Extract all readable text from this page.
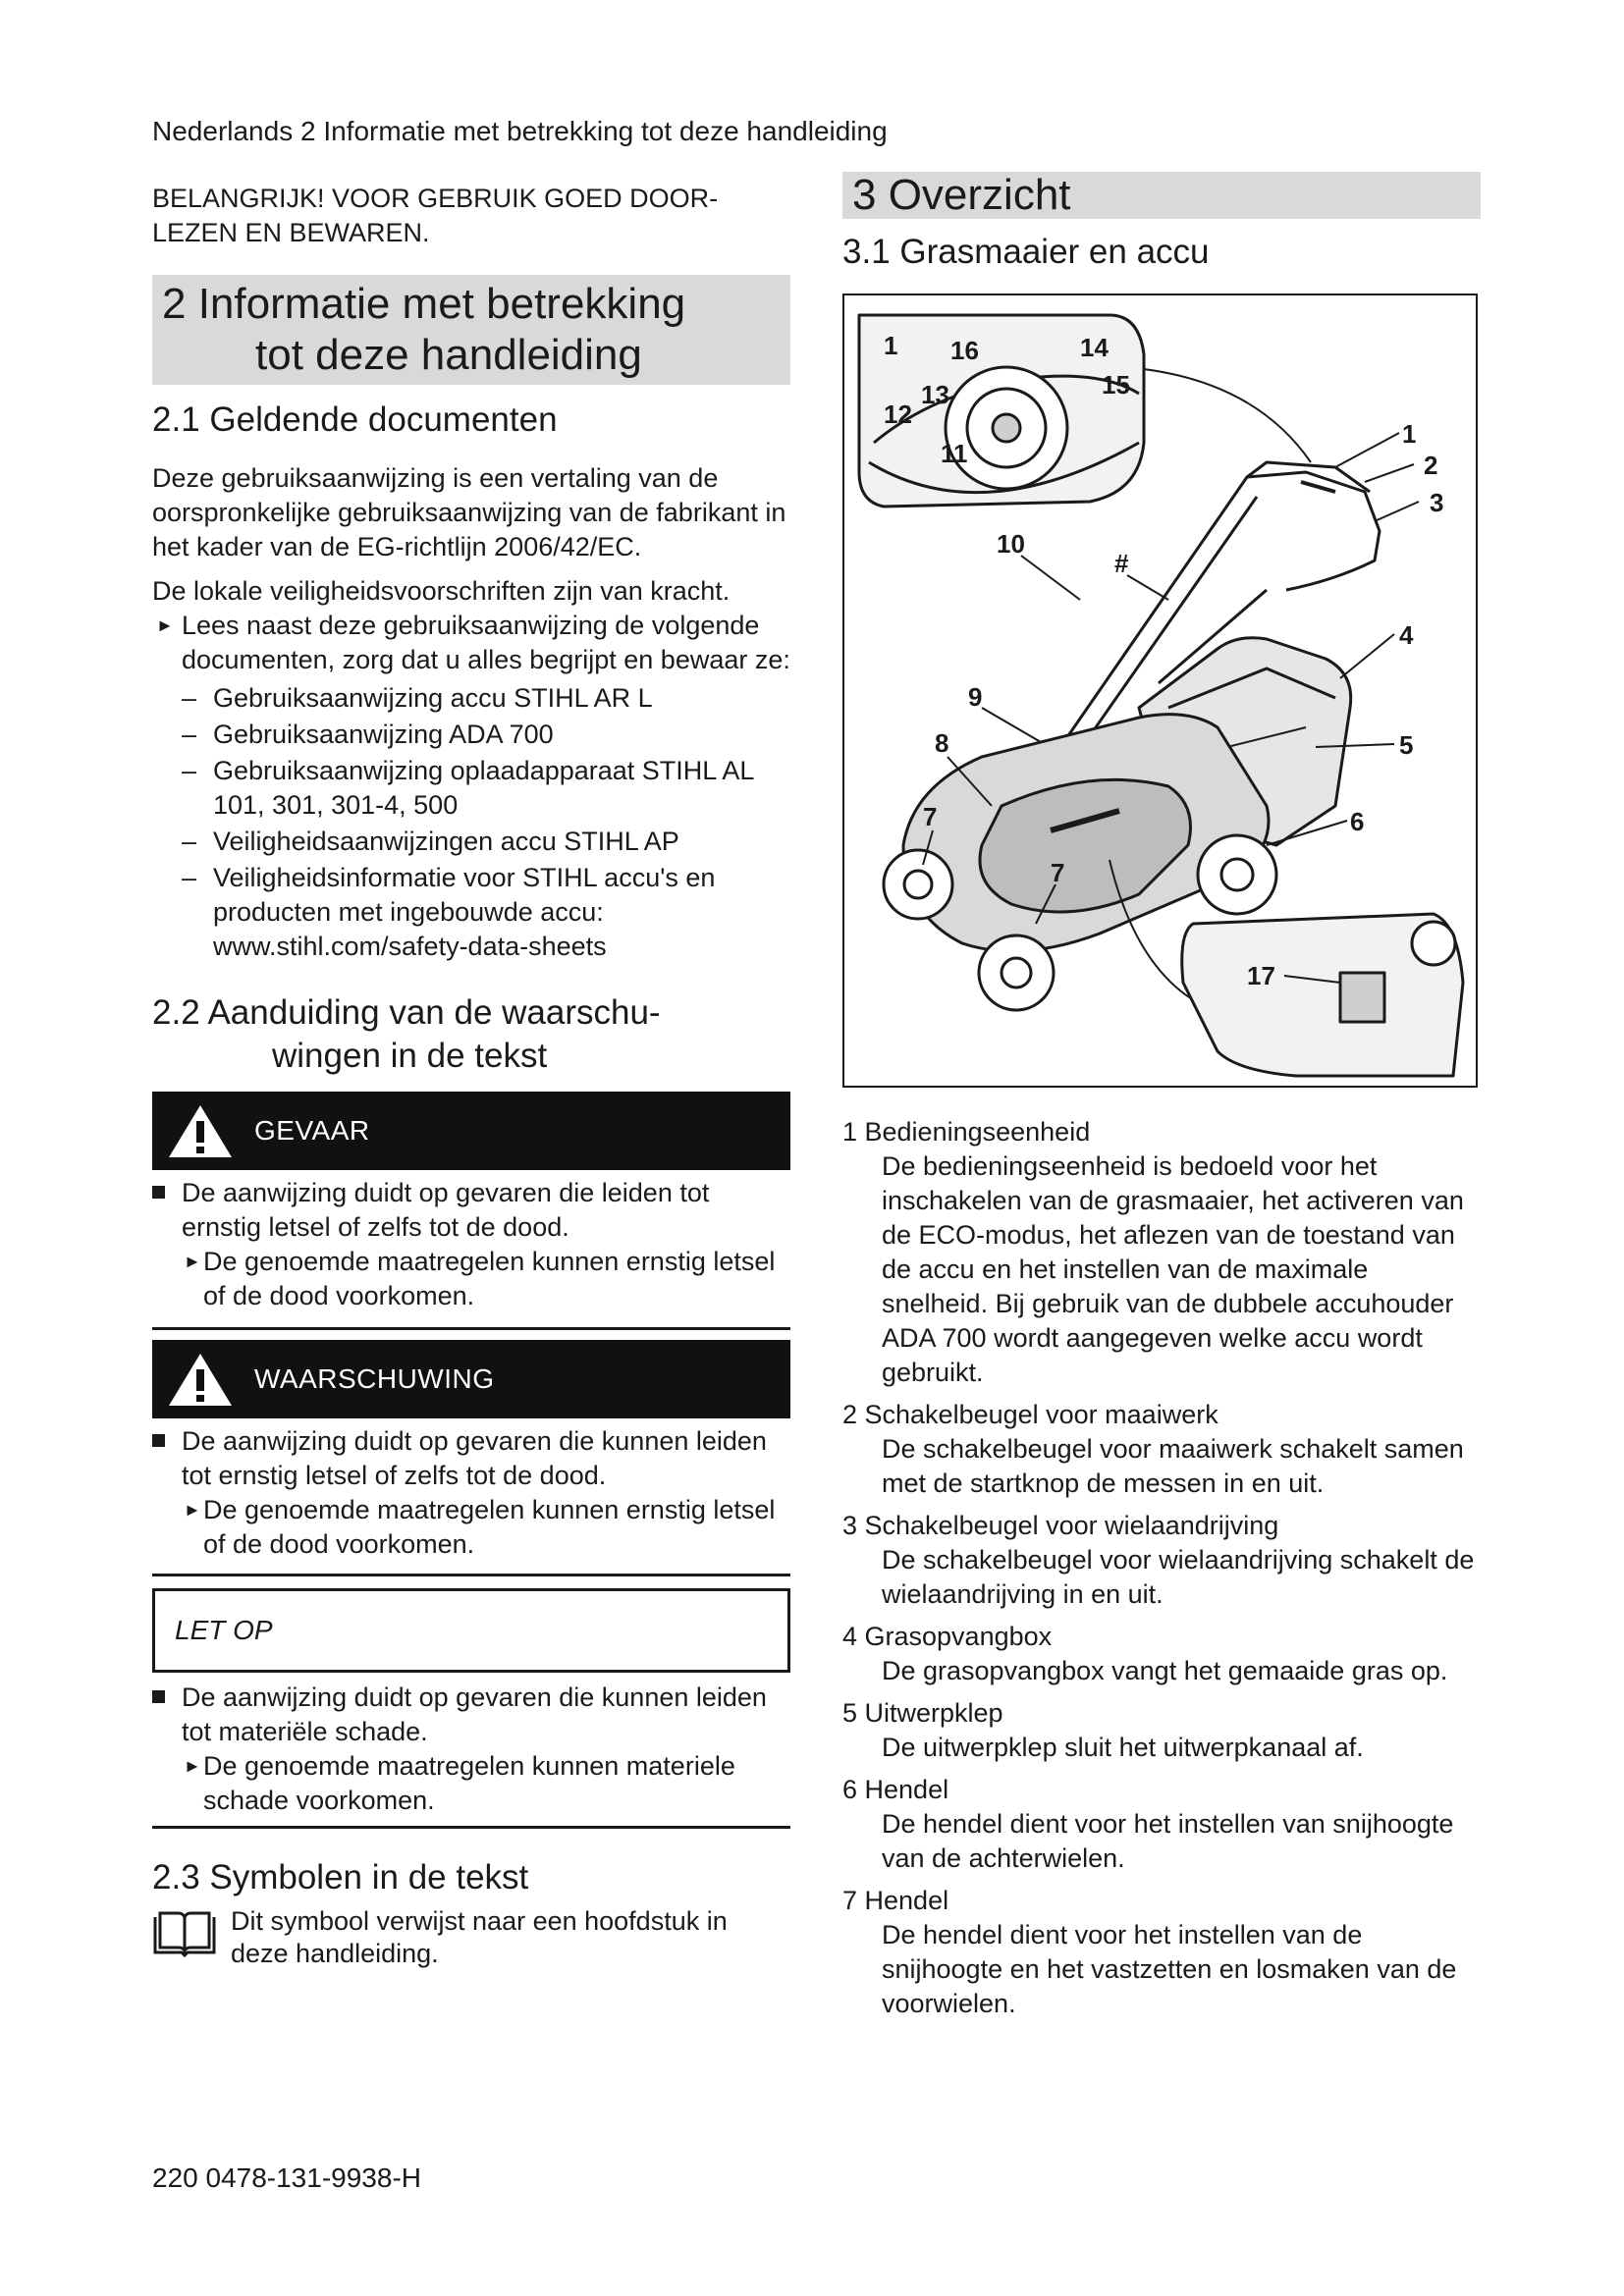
Nederlands 2 Informatie met betrekking tot deze handleiding

BELANGRIJK! VOOR GEBRUIK GOED DOOR-
LEZEN EN BEWAREN.

2 Informatie met betrekking
tot deze handleiding
2.1 Geldende documenten

Deze gebruiksaanwijzing is een vertaling van de oorspronkelijke gebruiksaanwijzing van de fabrikant in het kader van de EG-richtlijn 2006/42/EC.

De lokale veiligheidsvoorschriften zijn van kracht.

► Lees naast deze gebruiksaanwijzing de volgende documenten, zorg dat u alles begrijpt en bewaar ze:

– Gebruiksaanwijzing accu STIHL AR L
– Gebruiksaanwijzing ADA 700
– Gebruiksaanwijzing oplaadapparaat STIHL AL 101, 301, 301-4, 500
– Veiligheidsaanwijzingen accu STIHL AP
– Veiligheidsinformatie voor STIHL accu's en producten met ingebouwde accu: www.stihl.com/safety-data-sheets
2.2 Aanduiding van de waarschu-
wingen in de tekst
GEVAAR

De aanwijzing duidt op gevaren die leiden tot ernstig letsel of zelfs tot de dood.

► De genoemde maatregelen kunnen ernstig letsel of de dood voorkomen.

WAARSCHUWING

De aanwijzing duidt op gevaren die kunnen leiden tot ernstig letsel of zelfs tot de dood.

► De genoemde maatregelen kunnen ernstig letsel of de dood voorkomen.

LET OP

De aanwijzing duidt op gevaren die kunnen leiden tot materiële schade.

► De genoemde maatregelen kunnen materiele schade voorkomen.

2.3 Symbolen in de tekst
Dit symbool verwijst naar een hoofdstuk in deze handleiding.
3 Overzicht
3.1 Grasmaaier en accu
1 16	14
15
13
12
11
1
2
3
#
10
4
9
8	5
7
7
6
17

1 Bedieningseenheid

De bedieningseenheid is bedoeld voor het inschakelen van de grasmaaier, het activeren van de ECO-modus, het aflezen van de toestand van de accu en het instellen van de maximale snelheid. Bij gebruik van de dubbele accuhouder ADA 700 wordt aangegeven welke accu wordt gebruikt.

2 Schakelbeugel voor maaiwerk

De schakelbeugel voor maaiwerk schakelt samen met de startknop de messen in en uit.

3 Schakelbeugel voor wielaandrijving

De schakelbeugel voor wielaandrijving schakelt de wielaandrijving in en uit.

4 Grasopvangbox

De grasopvangbox vangt het gemaaide gras op.

5 Uitwerpklep

De uitwerpklep sluit het uitwerpkanaal af.

6 Hendel

De hendel dient voor het instellen van snijhoogte van de achterwielen.

7 Hendel

De hendel dient voor het instellen van de snijhoogte en het vastzetten en losmaken van de voorwielen.

220 0478-131-9938-H
